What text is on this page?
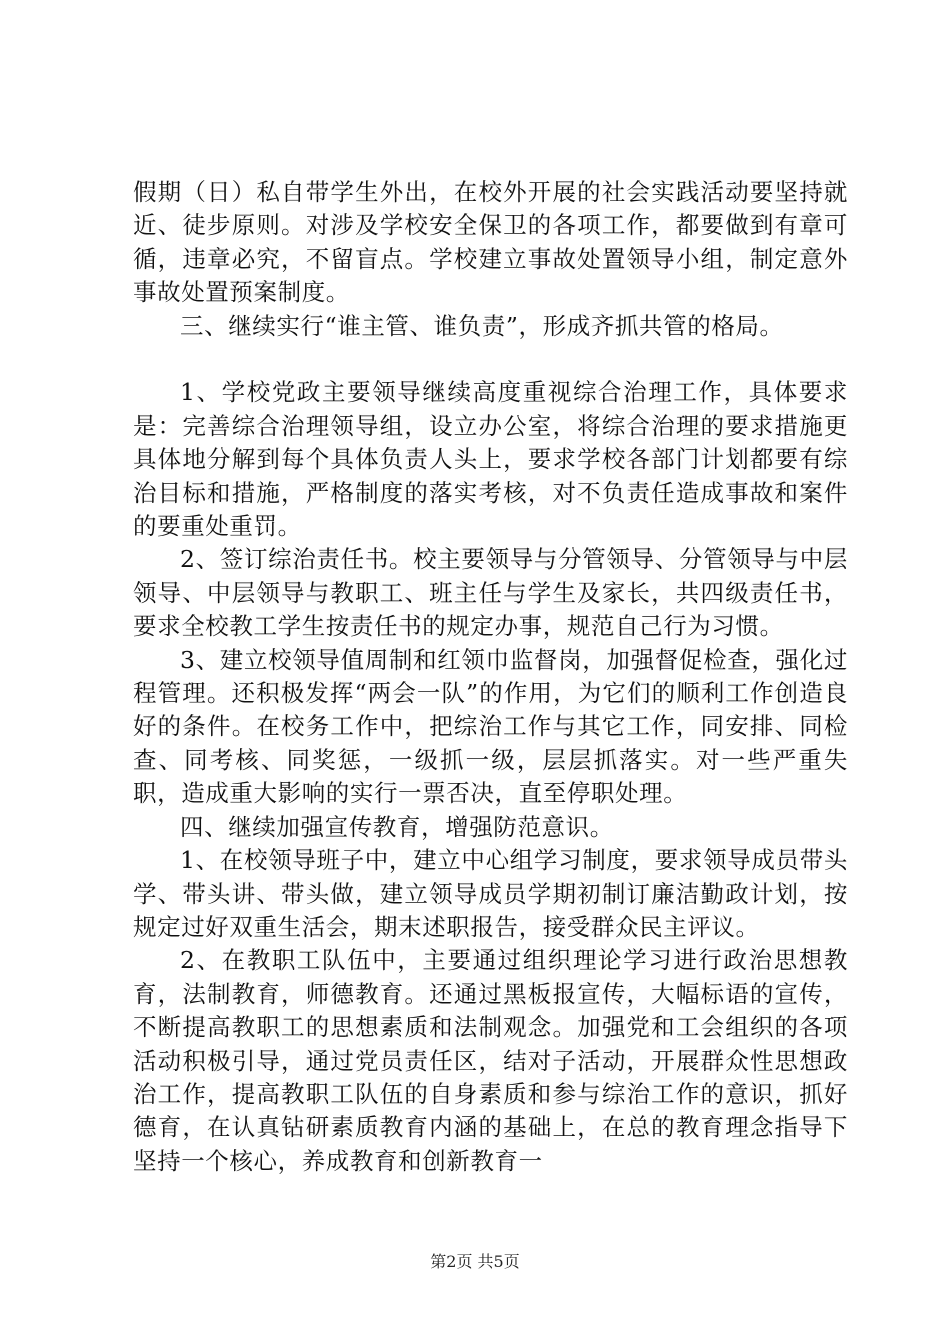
假期（日）私自带学生外出，在校外开展的社会实践活动要坚持就近、徒步原则。对涉及学校安全保卫的各项工作，都要做到有章可循，违章必究，不留盲点。学校建立事故处置领导小组，制定意外事故处置预案制度。

三、继续实行“谁主管、谁负责”，形成齐抓共管的格局。

1、学校党政主要领导继续高度重视综合治理工作，具体要求是：完善综合治理领导组，设立办公室，将综合治理的要求措施更具体地分解到每个具体负责人头上，要求学校各部门计划都要有综治目标和措施，严格制度的落实考核，对不负责任造成事故和案件的要重处重罚。

2、签订综治责任书。校主要领导与分管领导、分管领导与中层领导、中层领导与教职工、班主任与学生及家长，共四级责任书，要求全校教工学生按责任书的规定办事，规范自己行为习惯。

3、建立校领导值周制和红领巾监督岗，加强督促检查，强化过程管理。还积极发挥“两会一队”的作用，为它们的顺利工作创造良好的条件。在校务工作中，把综治工作与其它工作，同安排、同检查、同考核、同奖惩，一级抓一级，层层抓落实。对一些严重失职，造成重大影响的实行一票否决，直至停职处理。

四、继续加强宣传教育，增强防范意识。

1、在校领导班子中，建立中心组学习制度，要求领导成员带头学、带头讲、带头做，建立领导成员学期初制订廉洁勤政计划，按规定过好双重生活会，期末述职报告，接受群众民主评议。

2、在教职工队伍中，主要通过组织理论学习进行政治思想教育，法制教育，师德教育。还通过黑板报宣传，大幅标语的宣传，不断提高教职工的思想素质和法制观念。加强党和工会组织的各项活动积极引导，通过党员责任区，结对子活动，开展群众性思想政治工作，提高教职工队伍的自身素质和参与综治工作的意识，抓好德育，在认真钻研素质教育内涵的基础上，在总的教育理念指导下坚持一个核心，养成教育和创新教育一

第2页 共5页
